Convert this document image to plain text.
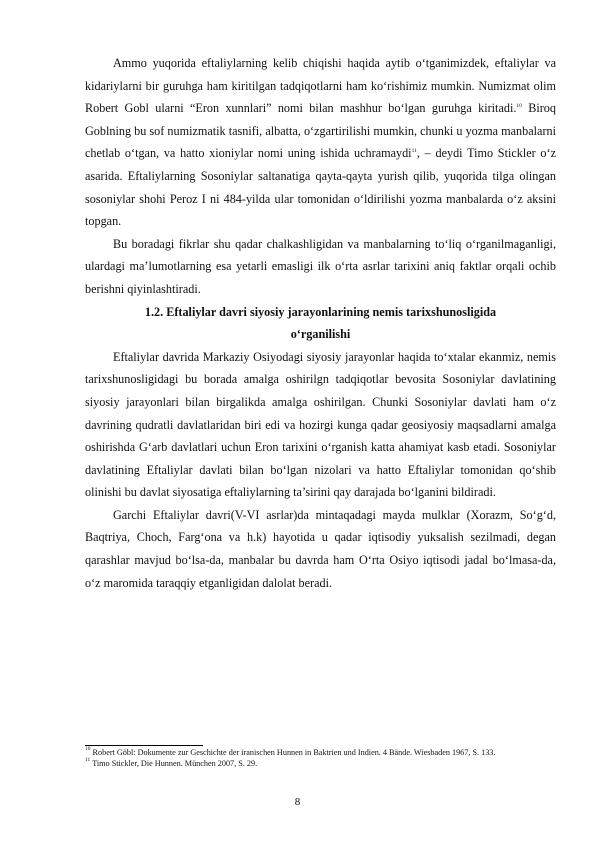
Ammo yuqorida eftaliylarning kelib chiqishi haqida aytib o‘tganimizdek, eftaliylar va kidariylarni bir guruhga ham kiritilgan tadqiqotlarni ham ko‘rishimiz mumkin. Numizmat olim Robert Gobl ularni “Eron xunnlari” nomi bilan mashhur bo‘lgan guruhga kiritadi.$^{10}$ Biroq Goblning bu sof numizmatik tasnifi, albatta, o‘zgartirilishi mumkin, chunki u yozma manbalarni chetlab o‘tgan, va hatto xioniylar nomi uning ishida uchramaydi$^{11}$, – deydi Timo Stickler o‘z asarida. Eftaliylarning Sosoniylar saltanatiga qayta-qayta yurish qilib, yuqorida tilga olingan sosoniylar shohi Peroz I ni 484-yilda ular tomonidan o‘ldirilishi yozma manbalarda o‘z aksini topgan.

Bu boradagi fikrlar shu qadar chalkashligidan va manbalarning to‘liq o‘rganilmaganligi, ulardagi ma’lumotlarning esa yetarli emasligi ilk o‘rta asrlar tarixini aniq faktlar orqali ochib berishni qiyinlashtiradi.

1.2. Eftaliylar davri siyosiy jarayonlarining nemis tarixshunosligida

o‘rganilishi

Eftaliylar davrida Markaziy Osiyodagi siyosiy jarayonlar haqida to‘xtalar ekanmiz, nemis tarixshunosligidagi bu borada amalga oshirilgn tadqiqotlar bevosita Sosoniylar davlatining siyosiy jarayonlari bilan birgalikda amalga oshirilgan. Chunki Sosoniylar davlati ham o‘z davrining qudratli davlatlaridan biri edi va hozirgi kunga qadar geosiyosiy maqsadlarni amalga oshirishda G‘arb davlatlari uchun Eron tarixini o‘rganish katta ahamiyat kasb etadi. Sosoniylar davlatining Eftaliylar davlati bilan bo‘lgan nizolari va hatto Eftaliylar tomonidan qo‘shib olinishi bu davlat siyosatiga eftaliylarning ta’sirini qay darajada bo‘lganini bildiradi.

Garchi Eftaliylar davri(V-VI asrlar)da mintaqadagi mayda mulklar (Xorazm, So‘g‘d, Baqtriya, Choch, Farg‘ona va h.k) hayotida u qadar iqtisodiy yuksalish sezilmadi, degan qarashlar mavjud bo‘lsa-da, manbalar bu davrda ham O‘rta Osiyo iqtisodi jadal bo‘lmasa-da, o‘z maromida taraqqiy etganligidan dalolat beradi.

$^{10}$ Robert Göbl: Dokumente zur Geschichte der iranischen Hunnen in Baktrien und Indien. 4 Bände. Wiesbaden 1967, S. 133.

$^{11}$ Timo Stickler, Die Hunnen. München 2007, S. 29.

8
